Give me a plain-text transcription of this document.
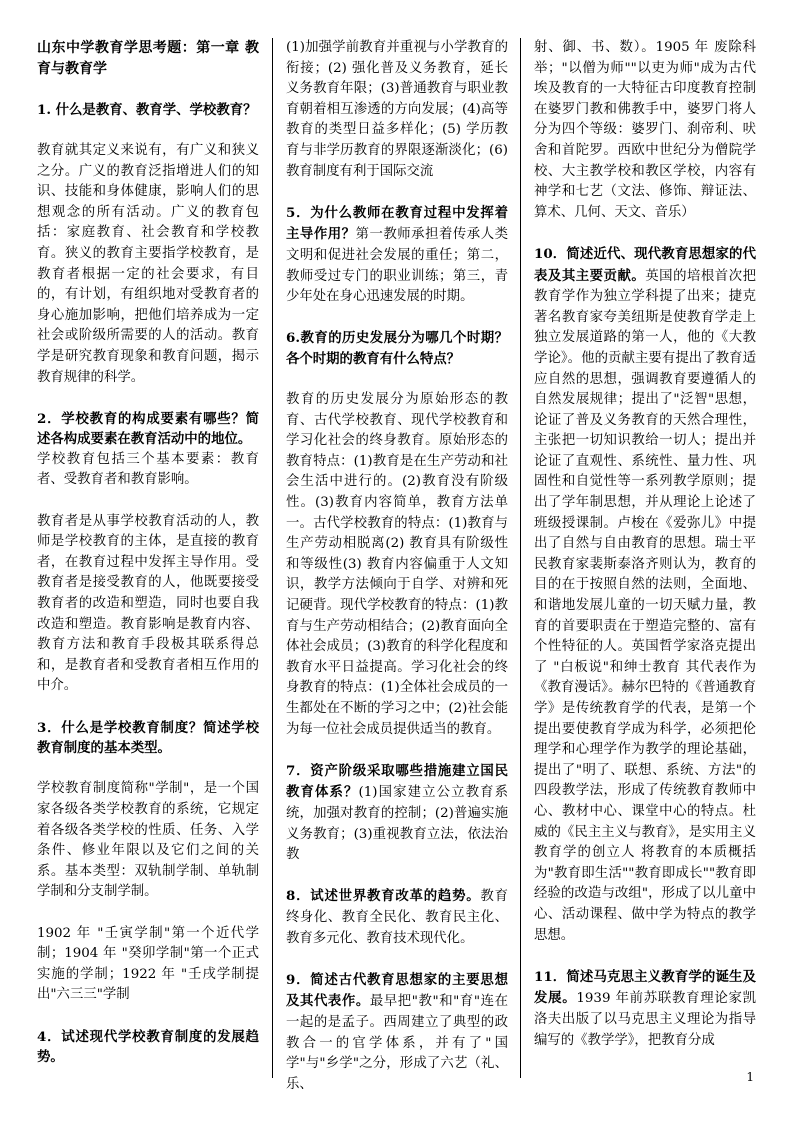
山东中学教育学思考题：第一章 教育与教育学

1. 什么是教育、教育学、学校教育？

教育就其定义来说有，有广义和狭义之分。广义的教育泛指增进人们的知识、技能和身体健康，影响人们的思想观念的所有活动。广义的教育包括：家庭教育、社会教育和学校教育。狭义的教育主要指学校教育，是教育者根据一定的社会要求，有目的，有计划，有组织地对受教育者的身心施加影响，把他们培养成为一定社会或阶级所需要的人的活动。教育学是研究教育现象和教育问题，揭示教育规律的科学。

2．学校教育的构成要素有哪些？简述各构成要素在教育活动中的地位。

学校教育包括三个基本要素：教育者、受教育者和教育影响。

教育者是从事学校教育活动的人，教师是学校教育的主体，是直接的教育者，在教育过程中发挥主导作用。受教育者是接受教育的人，他既要接受教育者的改造和塑造，同时也要自我改造和塑造。教育影响是教育内容、教育方法和教育手段极其联系得总和，是教育者和受教育者相互作用的中介。

3．什么是学校教育制度？简述学校教育制度的基本类型。

学校教育制度简称"学制"，是一个国家各级各类学校教育的系统，它规定着各级各类学校的性质、任务、入学条件、修业年限以及它们之间的关系。基本类型：双轨制学制、单轨制学制和分支制学制。

1902 年 "壬寅学制"第一个近代学制；1904 年 "癸卯学制"第一个正式实施的学制；1922 年 "壬戌学制提出"六三三"学制

4．试述现代学校教育制度的发展趋势。

(1)加强学前教育并重视与小学教育的衔接；(2) 强化普及义务教育，延长义务教育年限；(3)普通教育与职业教育朝着相互渗透的方向发展；(4)高等教育的类型日益多样化；(5) 学历教育与非学历教育的界限逐渐淡化；(6)教育制度有利于国际交流

5．为什么教师在教育过程中发挥着主导作用？第一教师承担着传承人类文明和促进社会发展的重任；第二，教师受过专门的职业训练；第三，青少年处在身心迅速发展的时期。

6.教育的历史发展分为哪几个时期？各个时期的教育有什么特点？

教育的历史发展分为原始形态的教育、古代学校教育、现代学校教育和学习化社会的终身教育。原始形态的教育特点：(1)教育是在生产劳动和社会生活中进行的。(2)教育没有阶级性。(3)教育内容简单，教育方法单一。古代学校教育的特点：(1)教育与生产劳动相脱离(2) 教育具有阶级性和等级性(3) 教育内容偏重于人文知识，教学方法倾向于自学、对辨和死记硬背。现代学校教育的特点：(1)教育与生产劳动相结合；(2)教育面向全体社会成员；(3)教育的科学化程度和教育水平日益提高。学习化社会的终身教育的特点：(1)全体社会成员的一生都处在不断的学习之中；(2)社会能为每一位社会成员提供适当的教育。

7．资产阶级采取哪些措施建立国民教育体系？(1)国家建立公立教育系统，加强对教育的控制；(2)普遍实施义务教育；(3)重视教育立法，依法治教

8．试述世界教育改革的趋势。教育终身化、教育全民化、教育民主化、教育多元化、教育技术现代化。

9．简述古代教育思想家的主要思想及其代表作。最早把"教"和"育"连在一起的是孟子。西周建立了典型的政教合一的官学体系，并有了"国学"与"乡学"之分，形成了六艺（礼、乐、

射、御、书、数）。1905 年 废除科举；"以僧为师""以吏为师"成为古代埃及教育的一大特征古印度教育控制在婆罗门教和佛教手中，婆罗门将人分为四个等级：婆罗门、刹帝利、吠舍和首陀罗。西欧中世纪分为僧院学校、大主教学校和教区学校，内容有神学和七艺（文法、修饰、辩证法、算术、几何、天文、音乐）

10．简述近代、现代教育思想家的代表及其主要贡献。英国的培根首次把教育学作为独立学科提了出来；捷克著名教育家夸美纽斯是使教育学走上独立发展道路的第一人，他的《大教学论》。他的贡献主要有提出了教育适应自然的思想，强调教育要遵循人的自然发展规律；提出了"泛智"思想，论证了普及义务教育的天然合理性，主张把一切知识教给一切人；提出并论证了直观性、系统性、量力性、巩固性和自觉性等一系列教学原则；提出了学年制思想，并从理论上论述了班级授课制。卢梭在《爱弥儿》中提出了自然与自由教育的思想。瑞士平民教育家裴斯泰洛齐则认为，教育的目的在于按照自然的法则，全面地、和谐地发展儿童的一切天赋力量，教育的首要职责在于塑造完整的、富有个性特征的人。英国哲学家洛克提出了 "白板说"和绅士教育 其代表作为《教育漫话》。赫尔巴特的《普通教育学》是传统教育学的代表，是第一个提出要使教育学成为科学，必须把伦理学和心理学作为教学的理论基础，提出了"明了、联想、系统、方法"的四段教学法，形成了传统教育教师中心、教材中心、课堂中心的特点。杜威的《民主主义与教育》，是实用主义教育学的创立人 将教育的本质概括为"教育即生活""教育即成长""教育即经验的改造与改组"，形成了以儿童中心、活动课程、做中学为特点的教学思想。

11．简述马克思主义教育学的诞生及发展。1939 年前苏联教育理论家凯洛夫出版了以马克思主义理论为指导编写的《教学学》，把教育分成

1
